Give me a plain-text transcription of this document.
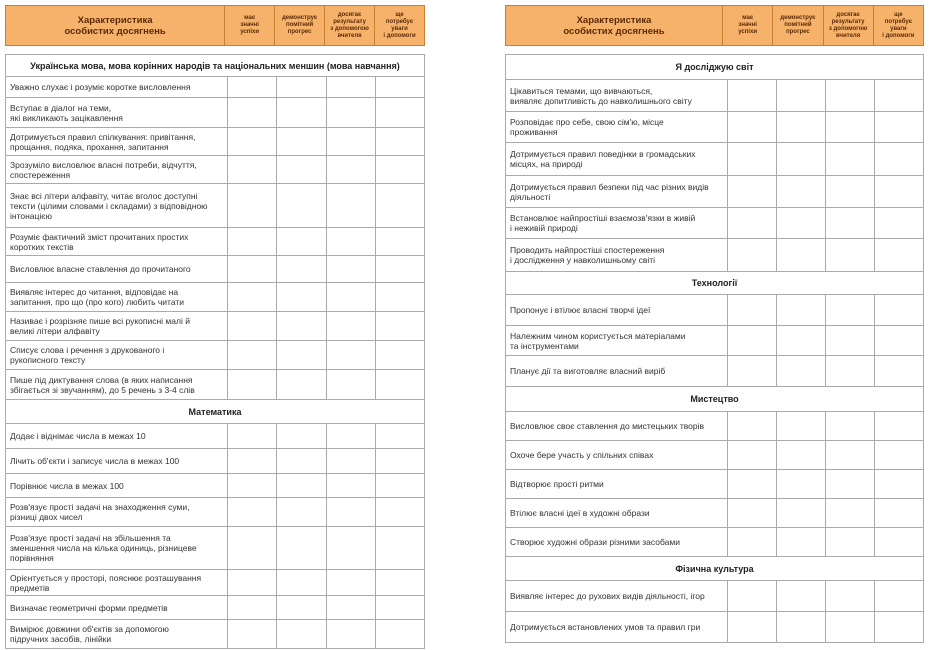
Характеристика
особистих досягнень
має
значні
успіхи
демонструє
помітний
прогрес
досягає
результату
з допомогою
вчителя
ще
потребує
уваги
і допомоги
Українська мова, мова корінних народів та національних меншин (мова навчання)
Уважно слухає і розуміє коротке висловлення
Вступає в діалог на теми,
які викликають зацікавлення
Дотримується правил спілкування: привітання,
прощання, подяка, прохання, запитання
Зрозуміло висловлює власні потреби, відчуття,
спостереження
Знає всі літери алфавіту, читає вголос доступні
тексти (цілими словами і складами) з відповідною
інтонацією
Розуміє фактичний зміст прочитаних простих
коротких текстів
Висловлює власне ставлення до прочитаного
Виявляє інтерес до читання, відповідає на
запитання, про що (про кого) любить читати
Називає і розрізняє пише всі рукописні малі й
великі літери алфавіту
Списує слова і речення з друкованого і
рукописного тексту
Пише під диктування слова (в яких написання
збігається зі звучанням), до 5 речень з 3-4 слів
Математика
Додає і віднімає числа в межах 10
Лічить об'єкти і записує числа в межах 100
Порівнює числа в межах 100
Розв'язує прості задачі на знаходження суми,
різниці двох чисел
Розв'язує прості задачі на збільшення та
зменшення числа на кілька одиниць, різницеве
порівняння
Орієнтується у просторі, пояснює розташування
предметів
Визначає геометричні форми предметів
Вимірює довжини об'єктів за допомогою
підручних засобів, лінійки
Характеристика
особистих досягнень
має
значні
успіхи
демонструє
помітний
прогрес
досягає
результату
з допомогою
вчителя
ще
потребує
уваги
і допомоги
Я досліджую світ
Цікавиться темами, що вивчаються,
виявляє допитливість до навколишнього світу
Розповідає про себе, свою сім'ю, місце
проживання
Дотримується правил поведінки в громадських
місцях, на природі
Дотримується правил безпеки під час різних видів
діяльності
Встановлює найпростіші взаємозв'язки в живій
і неживій природі
Проводить найпростіші спостереження
і дослідження у навколишньому світі
Технології
Пропонує і втілює власні творчі ідеї
Належним чином користується матеріалами
та інструментами
Планує дії та виготовляє власний виріб
Мистецтво
Висловлює своє ставлення до мистецьких творів
Охоче бере участь у спільних співах
Відтворює прості ритми
Втілює власні ідеї в художні образи
Створює художні образи різними засобами
Фізична культура
Виявляє інтерес до рухових видів діяльності, ігор
Дотримується встановлених умов та правил гри
